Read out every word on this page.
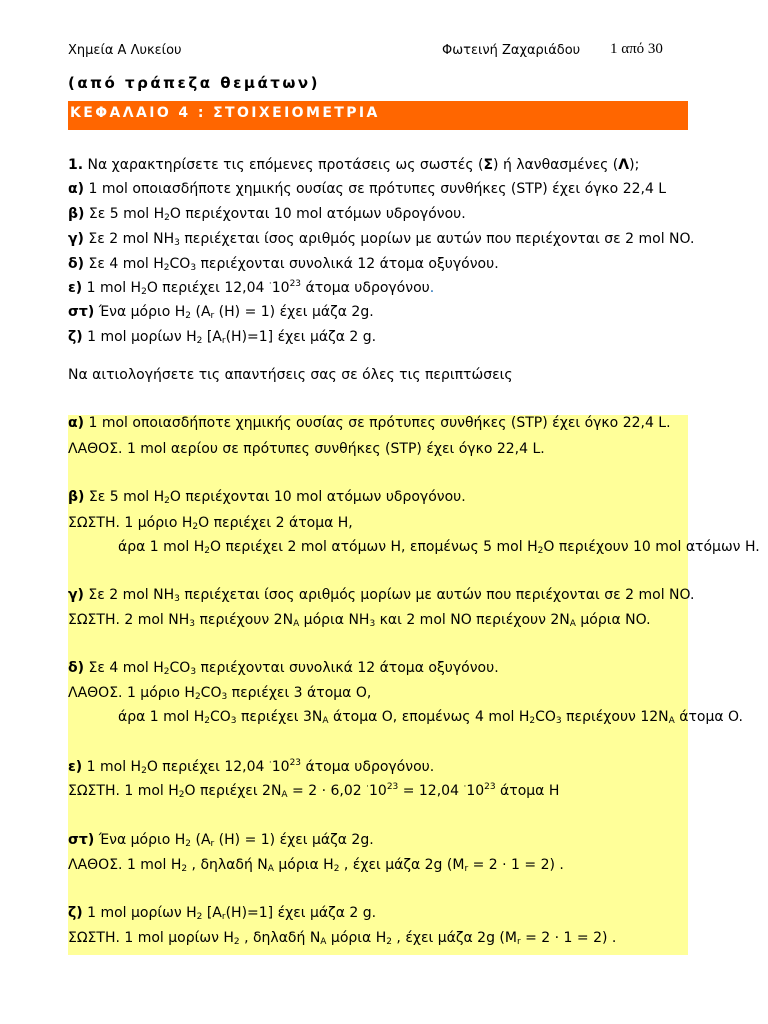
Χημεία Α Λυκείου	Φωτεινή Ζαχαριάδου 1 από 30
(από τράπεζα θεμάτων)
ΚΕΦΑΛΑΙΟ 4 : ΣΤΟΙΧΕΙΟΜΕΤΡΙΑ
1. Να χαρακτηρίσετε τις επόμενες προτάσεις ως σωστές (Σ) ή λανθασμένες (Λ);
α) 1 mol οποιασδήποτε χημικής ουσίας σε πρότυπες συνθήκες (STP) έχει όγκο 22,4 L
β) Σε 5 mol $H_2O$ περιέχονται 10 mol ατόμων υδρογόνου.
γ) Σε 2 mol $NH_3$ περιέχεται ίσος αριθμός μορίων με αυτών που περιέχονται σε 2 mol NO.
δ) Σε 4 mol $H_2CO_3$ περιέχονται συνολικά 12 άτομα οξυγόνου.
ε) 1 mol $H_2O$ περιέχει 12,04 $^\cdot 10^{23}$ άτομα υδρογόνου.
στ) Ένα μόριο $H_2$ ($A_r$ (H) = 1) έχει μάζα 2g.
ζ) 1 mol μορίων $H_2$ $[A_r(H)=1]$ έχει μάζα 2 g.
Να αιτιολογήσετε τις απαντήσεις σας σε όλες τις περιπτώσεις
α) 1 mol οποιασδήποτε χημικής ουσίας σε πρότυπες συνθήκες (STP) έχει όγκο 22,4 L.
ΛΑΘΟΣ. 1 mol αερίου σε πρότυπες συνθήκες (STP) έχει όγκο 22,4 L.
β) Σε 5 mol $H_2O$ περιέχονται 10 mol ατόμων υδρογόνου.
ΣΩΣΤΗ. 1 μόριο $H_2O$ περιέχει 2 άτομα H,
άρα 1 mol $H_2O$ περιέχει 2 mol ατόμων H, επομένως 5 mol $H_2O$ περιέχουν 10 mol ατόμων H.
γ) Σε 2 mol $NH_3$ περιέχεται ίσος αριθμός μορίων με αυτών που περιέχονται σε 2 mol NO.
ΣΩΣΤΗ. 2 mol $NH_3$ περιέχουν $2N_A$ μόρια $NH_3$ και 2 mol NO περιέχουν $2N_A$ μόρια NO.
δ) Σε 4 mol $H_2CO_3$ περιέχονται συνολικά 12 άτομα οξυγόνου.
ΛΑΘΟΣ. 1 μόριο $H_2CO_3$ περιέχει 3 άτομα O,
άρα 1 mol $H_2CO_3$ περιέχει $3N_A$ άτομα O, επομένως 4 mol $H_2CO_3$ περιέχουν $12N_A$ άτομα O.
ε) 1 mol $H_2O$ περιέχει 12,04 $^\cdot 10^{23}$ άτομα υδρογόνου.
ΣΩΣΤΗ. 1 mol $H_2O$ περιέχει $2N_A = 2 \cdot 6,02$ $^\cdot 10^{23} = 12,04$ $^\cdot 10^{23}$ άτομα H
στ) Ένα μόριο $H_2$ ($A_r$ (H) = 1) έχει μάζα 2g.
ΛΑΘΟΣ. 1 mol $H_2$ , δηλαδή $N_A$ μόρια $H_2$ , έχει μάζα 2g $(M_r = 2 \cdot 1 = 2)$ .
ζ) 1 mol μορίων $H_2$ $[A_r(H)=1]$ έχει μάζα 2 g.
ΣΩΣΤΗ. 1 mol μορίων $H_2$ , δηλαδή $N_A$ μόρια $H_2$ , έχει μάζα 2g $(M_r = 2 \cdot 1 = 2)$ .
